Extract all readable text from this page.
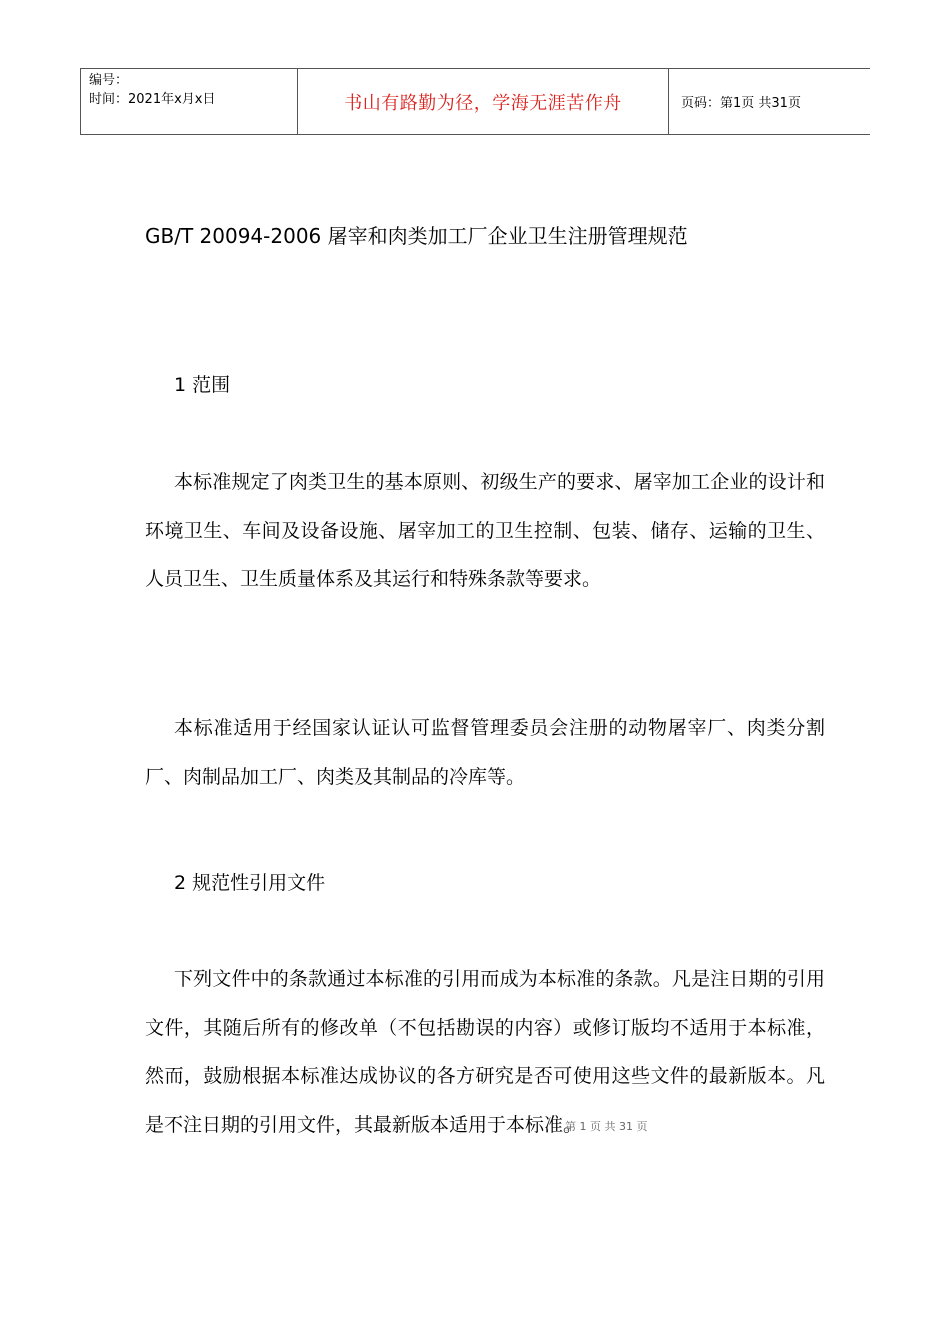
编号：
时间：2021年x月x日	书山有路勤为径，学海无涯苦作舟	页码：第1页 共31页
GB/T 20094-2006 屠宰和肉类加工厂企业卫生注册管理规范
1 范围

本标准规定了肉类卫生的基本原则、初级生产的要求、屠宰加工企业的设计和环境卫生、车间及设备设施、屠宰加工的卫生控制、包装、储存、运输的卫生、人员卫生、卫生质量体系及其运行和特殊条款等要求。

本标准适用于经国家认证认可监督管理委员会注册的动物屠宰厂、肉类分割厂、肉制品加工厂、肉类及其制品的冷库等。

2 规范性引用文件

下列文件中的条款通过本标准的引用而成为本标准的条款。凡是注日期的引用文件，其随后所有的修改单（不包括勘误的内容）或修订版均不适用于本标准，然而，鼓励根据本标准达成协议的各方研究是否可使用这些文件的最新版本。凡是不注日期的引用文件，其最新版本适用于本标准。

第 1 页 共 31 页
